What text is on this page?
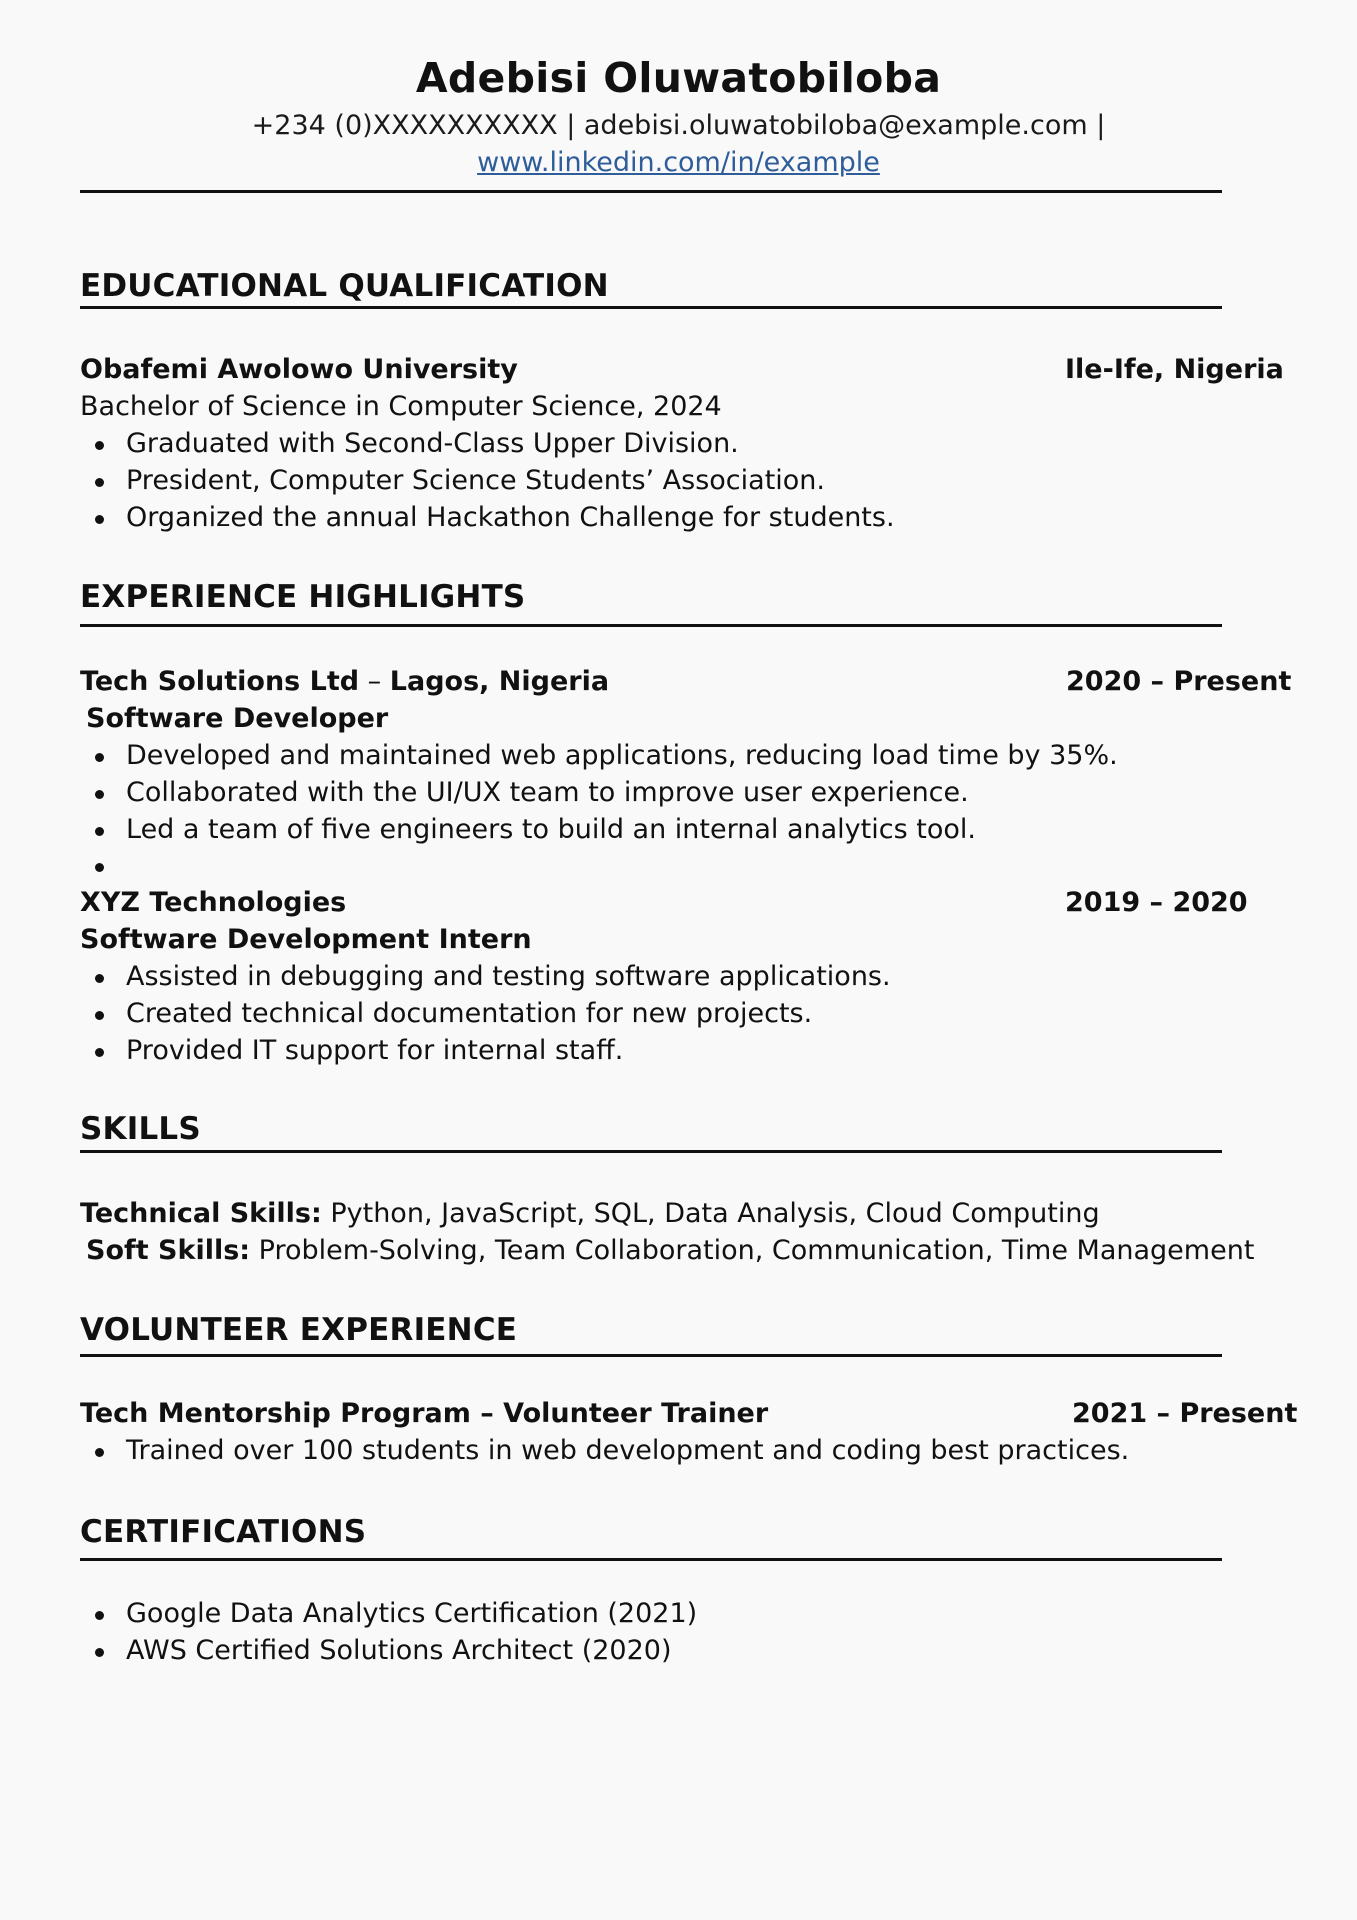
Adebisi Oluwatobiloba
+234 (0)XXXXXXXXXX | adebisi.oluwatobiloba@example.com |
www.linkedin.com/in/example
EDUCATIONAL QUALIFICATION
Obafemi Awolowo University	Ile-Ife, Nigeria
Bachelor of Science in Computer Science, 2024
Graduated with Second-Class Upper Division.
President, Computer Science Students’ Association.
Organized the annual Hackathon Challenge for students.
EXPERIENCE HIGHLIGHTS
Tech Solutions Ltd – Lagos, Nigeria	2020 – Present
Software Developer
Developed and maintained web applications, reducing load time by 35%.
Collaborated with the UI/UX team to improve user experience.
Led a team of five engineers to build an internal analytics tool.
XYZ Technologies	2019 – 2020
Software Development Intern
Assisted in debugging and testing software applications.
Created technical documentation for new projects.
Provided IT support for internal staff.
SKILLS
Technical Skills: Python, JavaScript, SQL, Data Analysis, Cloud Computing
Soft Skills: Problem-Solving, Team Collaboration, Communication, Time Management
VOLUNTEER EXPERIENCE
Tech Mentorship Program – Volunteer Trainer	2021 – Present
Trained over 100 students in web development and coding best practices.
CERTIFICATIONS
Google Data Analytics Certification (2021)
AWS Certified Solutions Architect (2020)
